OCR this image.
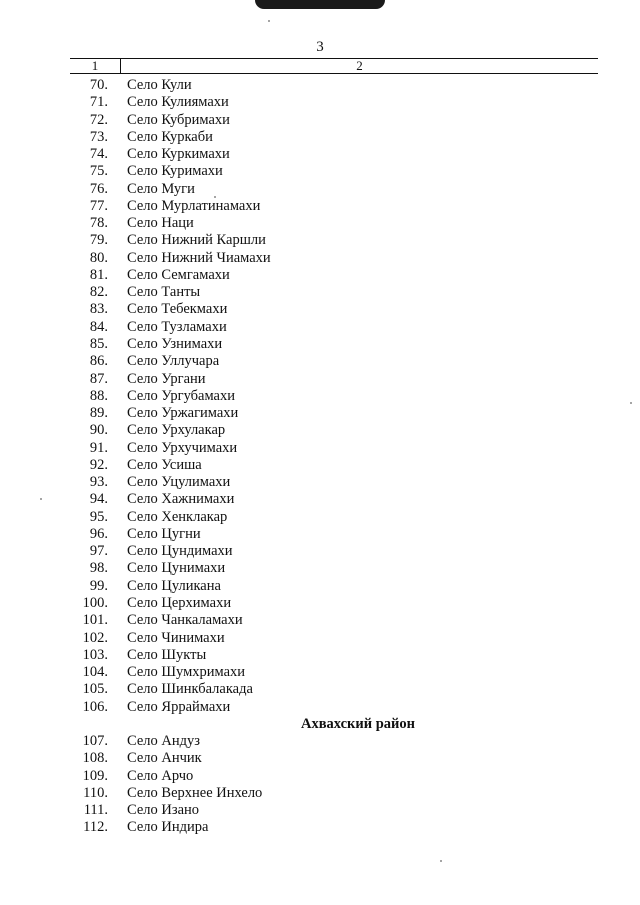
3
1	2
70. Село Кули
71. Село Кулиямахи
72. Село Кубримахи
73. Село Куркаби
74. Село Куркимахи
75. Село Куримахи
76. Село Муги
77. Село Мурлатинамахи
78. Село Наци
79. Село Нижний Каршли
80. Село Нижний Чиамахи
81. Село Семгамахи
82. Село Танты
83. Село Тебекмахи
84. Село Тузламахи
85. Село Узнимахи
86. Село Уллучара
87. Село Ургани
88. Село Ургубамахи
89. Село Уржагимахи
90. Село Урхулакар
91. Село Урхучимахи
92. Село Усиша
93. Село Уцулимахи
94. Село Хажнимахи
95. Село Хенклакар
96. Село Цугни
97. Село Цундимахи
98. Село Цунимахи
99. Село Цуликана
100. Село Церхимахи
101. Село Чанкаламахи
102. Село Чинимахи
103. Село Шукты
104. Село Шумхримахи
105. Село Шинкбалакада
106. Село Ярраймахи
Ахвахский район
107. Село Андуз
108. Село Анчик
109. Село Арчо
110. Село Верхнее Инхело
111. Село Изано
112. Село Индира
